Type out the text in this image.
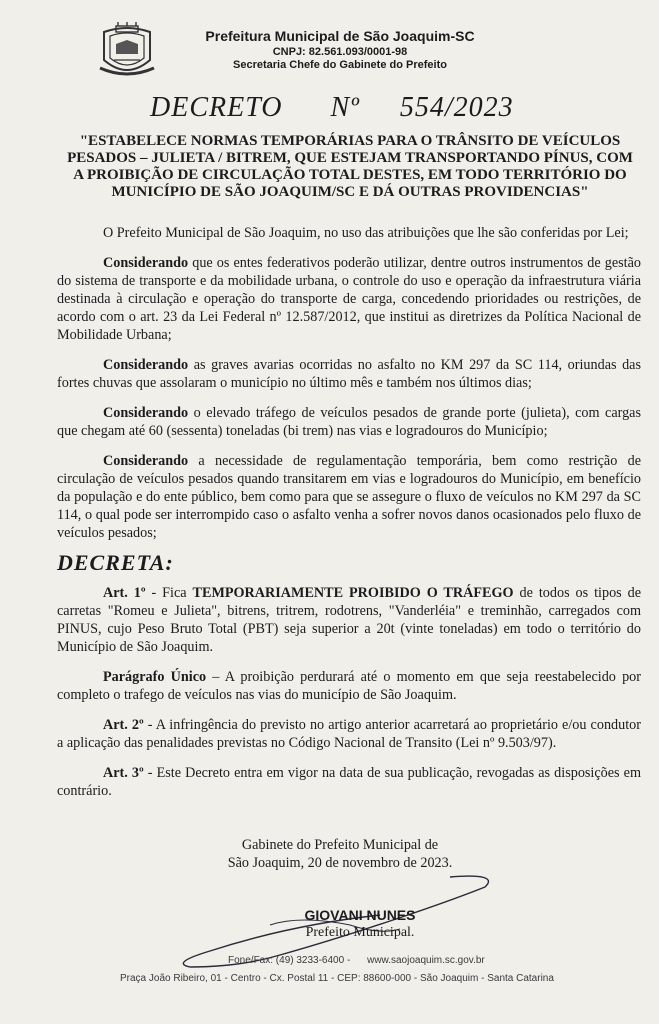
Prefeitura Municipal de São Joaquim-SC
CNPJ: 82.561.093/0001-98
Secretaria Chefe do Gabinete do Prefeito
DECRETO Nº 554/2023
"ESTABELECE NORMAS TEMPORÁRIAS PARA O TRÂNSITO DE VEÍCULOS PESADOS – JULIETA / BITREM, QUE ESTEJAM TRANSPORTANDO PÍNUS, COM A PROIBIÇÃO DE CIRCULAÇÃO TOTAL DESTES, EM TODO TERRITÓRIO DO MUNICÍPIO DE SÃO JOAQUIM/SC E DÁ OUTRAS PROVIDENCIAS"

O Prefeito Municipal de São Joaquim, no uso das atribuições que lhe são conferidas por Lei;

Considerando que os entes federativos poderão utilizar, dentre outros instrumentos de gestão do sistema de transporte e da mobilidade urbana, o controle do uso e operação da infraestrutura viária destinada à circulação e operação do transporte de carga, concedendo prioridades ou restrições, de acordo com o art. 23 da Lei Federal nº 12.587/2012, que institui as diretrizes da Política Nacional de Mobilidade Urbana;

Considerando as graves avarias ocorridas no asfalto no KM 297 da SC 114, oriundas das fortes chuvas que assolaram o município no último mês e também nos últimos dias;

Considerando o elevado tráfego de veículos pesados de grande porte (julieta), com cargas que chegam até 60 (sessenta) toneladas (bi trem) nas vias e logradouros do Município;

Considerando a necessidade de regulamentação temporária, bem como restrição de circulação de veículos pesados quando transitarem em vias e logradouros do Município, em benefício da população e do ente público, bem como para que se assegure o fluxo de veículos no KM 297 da SC 114, o qual pode ser interrompido caso o asfalto venha a sofrer novos danos ocasionados pelo fluxo de veículos pesados;

DECRETA:

Art. 1º - Fica TEMPORARIAMENTE PROIBIDO O TRÁFEGO de todos os tipos de carretas "Romeu e Julieta", bitrens, tritrem, rodotrens, "Vanderléia" e treminhão, carregados com PINUS, cujo Peso Bruto Total (PBT) seja superior a 20t (vinte toneladas) em todo o território do Município de São Joaquim.

Parágrafo Único – A proibição perdurará até o momento em que seja reestabelecido por completo o trafego de veículos nas vias do município de São Joaquim.

Art. 2º - A infringência do previsto no artigo anterior acarretará ao proprietário e/ou condutor a aplicação das penalidades previstas no Código Nacional de Transito (Lei nº 9.503/97).

Art. 3º - Este Decreto entra em vigor na data de sua publicação, revogadas as disposições em contrário.

Gabinete do Prefeito Municipal de
São Joaquim, 20 de novembro de 2023.
GIOVANI NUNES
Prefeito Municipal.
Fone/Fax: (49) 3233-6400 - www.saojoaquim.sc.gov.br
Praça João Ribeiro, 01 - Centro - Cx. Postal 11 - CEP: 88600-000 - São Joaquim - Santa Catarina
